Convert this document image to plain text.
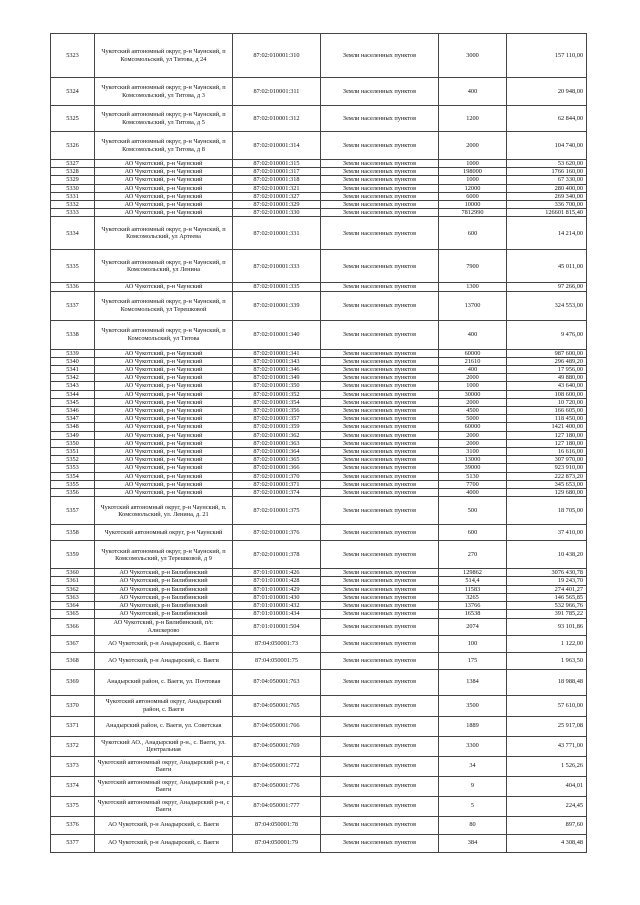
5323	Чукотский автономный округ, р-н Чаунский, п Комсомольский, ул Титова, д 24	87:02:010001:310	Земли населенных пунктов	3000	157 110,00
5324	Чукотский автономный округ, р-н Чаунский, п Комсомольский, ул Титова, д 3	87:02:010001:311	Земли населенных пунктов	400	20 948,00
5325	Чукотский автономный округ, р-н Чаунский, п Комсомольский, ул Титова, д 5	87:02:010001:312	Земли населенных пунктов	1200	62 844,00
5326	Чукотский автономный округ, р-н Чаунский, п Комсомольский, ул Титова, д 8	87:02:010001:314	Земли населенных пунктов	2000	104 740,00
5327	АО Чукотский, р-н Чаунский	87:02:010001:315	Земли населенных пунктов	1000	53 620,00
5328	АО Чукотский, р-н Чаунский	87:02:010001:317	Земли населенных пунктов	198000	1766 160,00
5329	АО Чукотский, р-н Чаунский	87:02:010001:318	Земли населенных пунктов	1000	67 330,00
5330	АО Чукотский, р-н Чаунский	87:02:010001:321	Земли населенных пунктов	12000	280 400,00
5331	АО Чукотский, р-н Чаунский	87:02:010001:327	Земли населенных пунктов	6000	269 340,00
5332	АО Чукотский, р-н Чаунский	87:02:010001:329	Земли населенных пунктов	10000	336 700,00
5333	АО Чукотский, р-н Чаунский	87:02:010001:330	Земли населенных пунктов	7812990	126601 815,40
5334	Чукотский автономный округ, р-н Чаунский, п Комсомольский, ул Артеева	87:02:010001:331	Земли населенных пунктов	600	14 214,00
5335	Чукотский автономный округ, р-н Чаунский, п Комсомольский, ул Ленина	87:02:010001:333	Земли населенных пунктов	7900	45 011,00
5336	АО Чукотский, р-н Чаунский	87:02:010001:335	Земли населенных пунктов	1300	97 266,00
5337	Чукотский автономный округ, р-н Чаунский, п Комсомольский, ул Терешковой	87:02:010001:339	Земли населенных пунктов	13700	324 553,00
5338	Чукотский автономный округ, р-н Чаунский, п Комсомольский, ул Титова	87:02:010001:340	Земли населенных пунктов	400	9 476,00
5339	АО Чукотский, р-н Чаунский	87:02:010001:341	Земли населенных пунктов	60000	987 600,00
5340	АО Чукотский, р-н Чаунский	87:02:010001:343	Земли населенных пунктов	21610	296 489,20
5341	АО Чукотский, р-н Чаунский	87:02:010001:346	Земли населенных пунктов	400	17 956,00
5342	АО Чукотский, р-н Чаунский	87:02:010001:349	Земли населенных пунктов	2000	49 880,00
5343	АО Чукотский, р-н Чаунский	87:02:010001:350	Земли населенных пунктов	1000	43 640,00
5344	АО Чукотский, р-н Чаунский	87:02:010001:352	Земли населенных пунктов	30000	108 600,00
5345	АО Чукотский, р-н Чаунский	87:02:010001:354	Земли населенных пунктов	2000	10 720,00
5346	АО Чукотский, р-н Чаунский	87:02:010001:356	Земли населенных пунктов	4500	166 605,00
5347	АО Чукотский, р-н Чаунский	87:02:010001:357	Земли населенных пунктов	5000	118 450,00
5348	АО Чукотский, р-н Чаунский	87:02:010001:359	Земли населенных пунктов	60000	1421 400,00
5349	АО Чукотский, р-н Чаунский	87:02:010001:362	Земли населенных пунктов	2000	127 180,00
5350	АО Чукотский, р-н Чаунский	87:02:010001:363	Земли населенных пунктов	2000	127 180,00
5351	АО Чукотский, р-н Чаунский	87:02:010001:364	Земли населенных пунктов	3100	16 616,00
5352	АО Чукотский, р-н Чаунский	87:02:010001:365	Земли населенных пунктов	13000	307 970,00
5353	АО Чукотский, р-н Чаунский	87:02:010001:366	Земли населенных пунктов	39000	923 910,00
5354	АО Чукотский, р-н Чаунский	87:02:010001:370	Земли населенных пунктов	5130	222 873,20
5355	АО Чукотский, р-н Чаунский	87:02:010001:371	Земли населенных пунктов	7700	345 653,00
5356	АО Чукотский, р-н Чаунский	87:02:010001:374	Земли населенных пунктов	4000	129 680,00
5357	Чукотский автономный округ, р-н Чаунский, п. Комсомольский, ул. Ленина, д. 21	87:02:010001:375	Земли населенных пунктов	500	18 705,00
5358	Чукотский автономный округ, р-н Чаунский	87:02:010001:376	Земли населенных пунктов	600	37 410,00
5359	Чукотский автономный округ, р-н Чаунский, п Комсомольский, ул Терешковой, д 9	87:02:010001:378	Земли населенных пунктов	270	10 438,20
5360	АО Чукотский, р-н Билибинский	87:01:010001:426	Земли населенных пунктов	129862	3076 430,78
5361	АО Чукотский, р-н Билибинский	87:01:010001:428	Земли населенных пунктов	514,4	19 243,70
5362	АО Чукотский, р-н Билибинский	87:01:010001:429	Земли населенных пунктов	11583	274 401,27
5363	АО Чукотский, р-н Билибинский	87:01:010001:430	Земли населенных пунктов	3265	146 565,85
5364	АО Чукотский, р-н Билибинский	87:01:010001:432	Земли населенных пунктов	13766	532 966,76
5365	АО Чукотский, р-н Билибинский	87:01:010001:434	Земли населенных пунктов	16538	391 785,22
5366	АО Чукотский, р-н Билибинский, п/г. Алискерово	87:01:010001:504	Земли населенных пунктов	2074	93 101,86
5367	АО Чукотский, р-н Анадырский, с. Ваеги	87:04:050001:73	Земли населенных пунктов	100	1 122,00
5368	АО Чукотский, р-н Анадырский, с. Ваеги	87:04:050001:75	Земли населенных пунктов	175	1 963,50
5369	Анадырский район, с. Ваеги, ул. Почтовая	87:04:050001:763	Земли населенных пунктов	1384	18 988,48
5370	Чукотский автономный округ, Анадырский район, с. Ваеги	87:04:050001:765	Земли населенных пунктов	3500	57 610,00
5371	Анадырский район, с. Ваеги, ул. Советская	87:04:050001:766	Земли населенных пунктов	1889	25 917,08
5372	Чукотский АО., Анадырский р-н., с. Ваеги, ул. Центральная	87:04:050001:769	Земли населенных пунктов	3300	43 771,00
5373	Чукотский автономный округ, Анадырский р-н, с Ваеги	87:04:050001:772	Земли населенных пунктов	34	1 526,26
5374	Чукотский автономный округ, Анадырский р-н, с Ваеги	87:04:050001:776	Земли населенных пунктов	9	404,01
5375	Чукотский автономный округ, Анадырский р-н, с Ваеги	87:04:050001:777	Земли населенных пунктов	5	224,45
5376	АО Чукотский, р-н Анадырский, с. Ваеги	87:04:050001:78	Земли населенных пунктов	80	897,60
5377	АО Чукотский, р-н Анадырский, с. Ваеги	87:04:050001:79	Земли населенных пунктов	384	4 308,48
